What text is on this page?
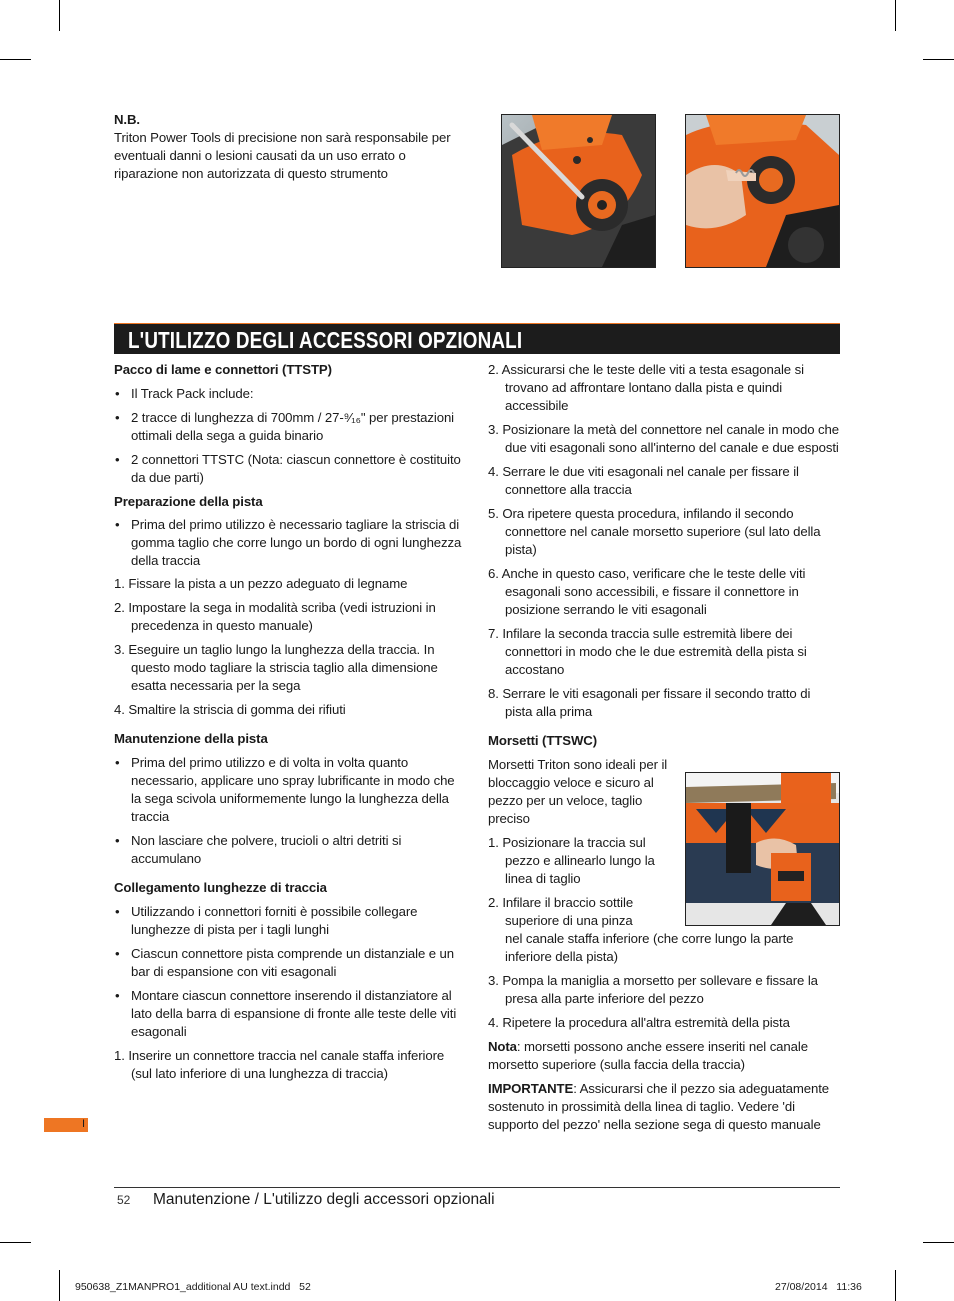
N.B.

Triton Power Tools di precisione non sarà responsabile per eventuali danni o lesioni causati da un uso errato o riparazione non autorizzata di questo strumento

L'UTILIZZO DEGLI ACCESSORI OPZIONALI

Pacco di lame e connettori (TTSTP)

• Il Track Pack include:
• 2 tracce di lunghezza di 700mm / 27-⁹⁄₁₆" per prestazioni ottimali della sega a guida binario
• 2 connettori TTSTC (Nota: ciascun connettore è costituito da due parti)

Preparazione della pista

• Prima del primo utilizzo è necessario tagliare la striscia di gomma taglio che corre lungo un bordo di ogni lunghezza della traccia
1. Fissare la pista a un pezzo adeguato di legname
2. Impostare la sega in modalità scriba (vedi istruzioni in precedenza in questo manuale)
3. Eseguire un taglio lungo la lunghezza della traccia. In questo modo tagliare la striscia taglio alla dimensione esatta necessaria per la sega
4. Smaltire la striscia di gomma dei rifiuti

Manutenzione della pista

• Prima del primo utilizzo e di volta in volta quanto necessario, applicare uno spray lubrificante in modo che la sega scivola uniformemente lungo la lunghezza della traccia
• Non lasciare che polvere, trucioli o altri detriti si accumulano

Collegamento lunghezze di traccia

• Utilizzando i connettori forniti è possibile collegare lunghezze di pista per i tagli lunghi
• Ciascun connettore pista comprende un distanziale e un bar di espansione con viti esagonali
• Montare ciascun connettore inserendo il distanziatore al lato della barra di espansione di fronte alle teste delle viti esagonali
1. Inserire un connettore traccia nel canale staffa inferiore (sul lato inferiore di una lunghezza di traccia)
2. Assicurarsi che le teste delle viti a testa esagonale si trovano ad affrontare lontano dalla pista e quindi accessibile
3. Posizionare la metà del connettore nel canale in modo che due viti esagonali sono all'interno del canale e due esposti
4. Serrare le due viti esagonali nel canale per fissare il connettore alla traccia
5. Ora ripetere questa procedura, infilando il secondo connettore nel canale morsetto superiore (sul lato della pista)
6. Anche in questo caso, verificare che le teste delle viti esagonali sono accessibili, e fissare il connettore in posizione serrando le viti esagonali
7. Infilare la seconda traccia sulle estremità libere dei connettori in modo che le due estremità della pista si accostano
8. Serrare le viti esagonali per fissare il secondo tratto di pista alla prima

Morsetti (TTSWC)

Morsetti Triton sono ideali per il bloccaggio veloce e sicuro al pezzo per un veloce, taglio preciso

1. Posizionare la traccia sul pezzo e allinearlo lungo la linea di taglio
2. Infilare il braccio sottile superiore di una pinza

nel canale staffa inferiore (che corre lungo la parte inferiore della pista)

3. Pompa la maniglia a morsetto per sollevare e fissare la presa alla parte inferiore del pezzo
4. Ripetere la procedura all'altra estremità della pista

Nota: morsetti possono anche essere inseriti nel canale morsetto superiore (sulla faccia della traccia)

IMPORTANTE: Assicurarsi che il pezzo sia adeguatamente sostenuto in prossimità della linea di taglio. Vedere 'di supporto del pezzo' nella sezione sega di questo manuale

I
52 Manutenzione / L'utilizzo degli accessori opzionali
950638_Z1MANPRO1_additional AU text.indd   52	27/08/2014   11:36
